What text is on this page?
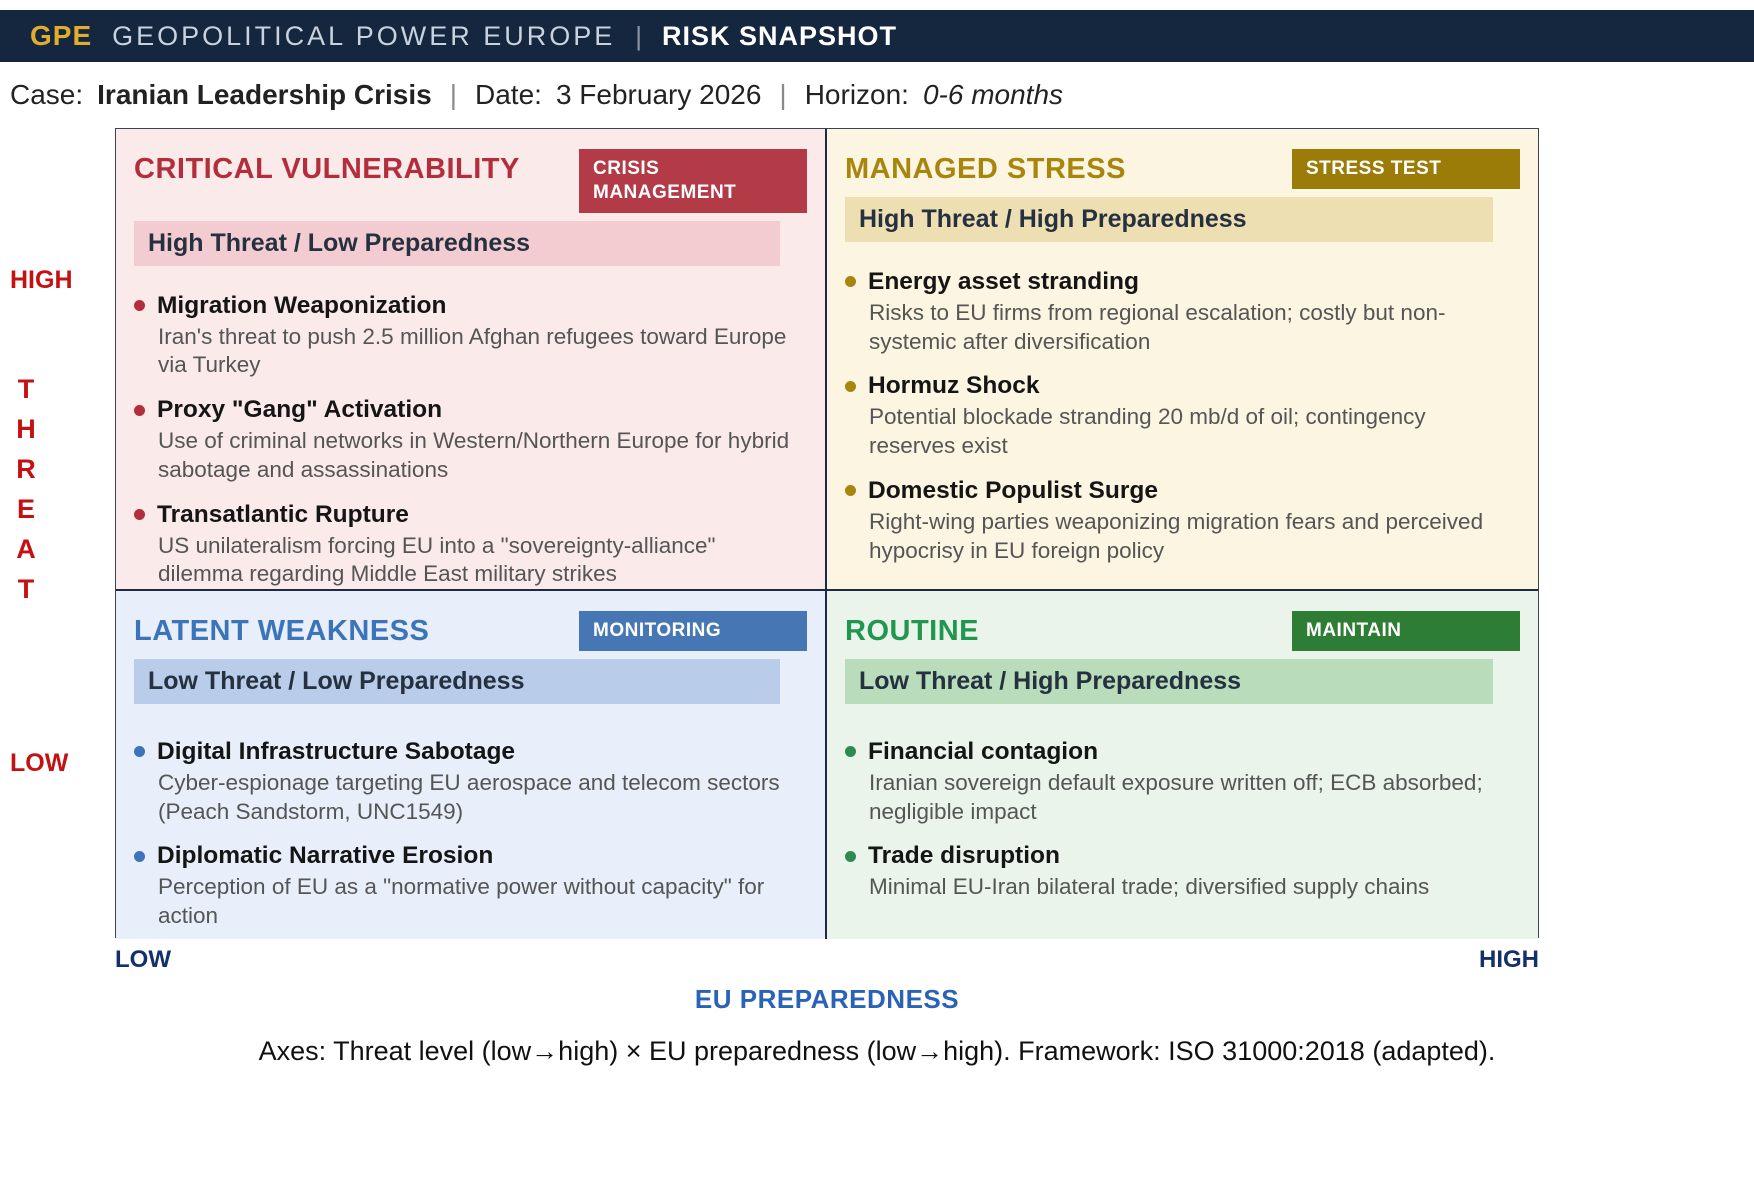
GPE GEOPOLITICAL POWER EUROPE | RISK SNAPSHOT
Case: Iranian Leadership Crisis | Date: 3 February 2026 | Horizon: 0-6 months
HIGH
THREAT
LOW
CRITICAL VULNERABILITY	CRISIS MANAGEMENT
High Threat / Low Preparedness
Migration Weaponization
Iran's threat to push 2.5 million Afghan refugees toward Europe via Turkey
Proxy "Gang" Activation
Use of criminal networks in Western/Northern Europe for hybrid sabotage and assassinations
Transatlantic Rupture
US unilateralism forcing EU into a "sovereignty-alliance" dilemma regarding Middle East military strikes
MANAGED STRESS	STRESS TEST
High Threat / High Preparedness
Energy asset stranding
Risks to EU firms from regional escalation; costly but non-systemic after diversification
Hormuz Shock
Potential blockade stranding 20 mb/d of oil; contingency reserves exist
Domestic Populist Surge
Right-wing parties weaponizing migration fears and perceived hypocrisy in EU foreign policy
LATENT WEAKNESS	MONITORING
Low Threat / Low Preparedness
Digital Infrastructure Sabotage
Cyber-espionage targeting EU aerospace and telecom sectors (Peach Sandstorm, UNC1549)
Diplomatic Narrative Erosion
Perception of EU as a "normative power without capacity" for action
ROUTINE	MAINTAIN
Low Threat / High Preparedness
Financial contagion
Iranian sovereign default exposure written off; ECB absorbed; negligible impact
Trade disruption
Minimal EU-Iran bilateral trade; diversified supply chains
LOW	HIGH
EU PREPAREDNESS
Axes: Threat level (low→high) × EU preparedness (low→high). Framework: ISO 31000:2018 (adapted).
